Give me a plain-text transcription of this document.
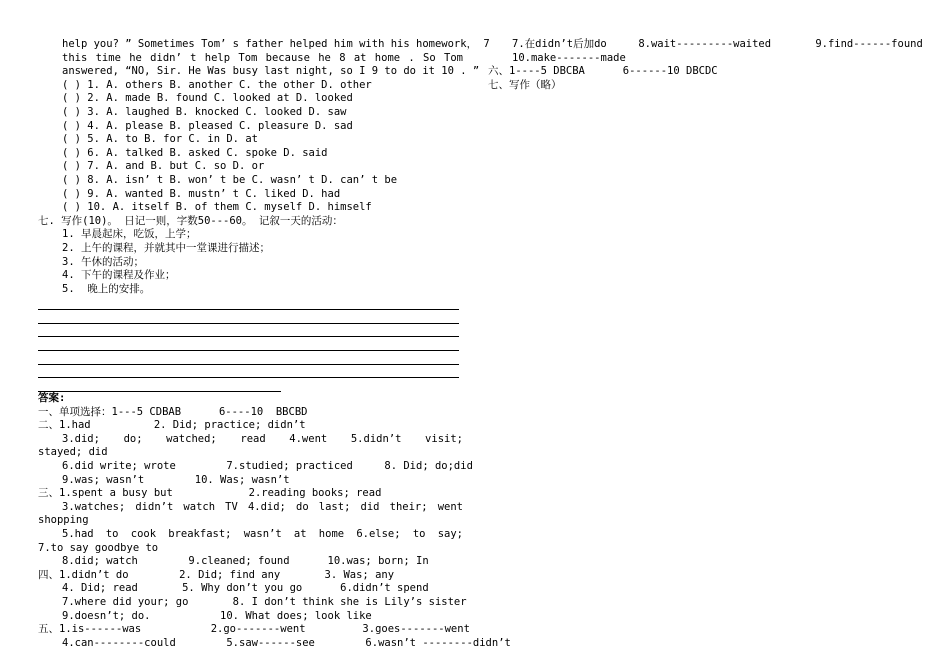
help you? ” Sometimes Tom’ s father helped him with his homework， 7
this time he didn’ t help Tom because he 8 at home . So Tom
answered, “NO, Sir. He Was busy last night, so I 9 to do it 10 . ”
( ) 1. A. others B. another C. the other D. other
( ) 2. A. made B. found C. looked at D. looked
( ) 3. A. laughed B. knocked C. looked D. saw
( ) 4. A. please B. pleased C. pleasure D. sad
( ) 5. A. to B. for C. in D. at
( ) 6. A. talked B. asked C. spoke D. said
( ) 7. A. and B. but C. so D. or
( ) 8. A. isn’ t B. won’ t be C. wasn’ t D. can’ t be
( ) 9. A. wanted B. mustn’ t C. liked D. had
( ) 10. A. itself B. of them C. myself D. himself
七. 写作(10)。 日记一则，字数50---60。 记叙一天的活动：
1. 早晨起床，吃饭，上学；
2. 上午的课程，并就其中一堂课进行描述；
3. 午休的活动；
4. 下午的课程及作业；
5.  晚上的安排。
答案:
一、单项选择：1---5 CDBAB      6----10  BBCBD
二、1.had          2. Did; practice; didn’t
3.did; do; watched; read 4.went 5.didn’t visit;
stayed; did
6.did write; wrote        7.studied; practiced     8. Did; do;did
9.was; wasn’t        10. Was; wasn’t
三、1.spent a busy but            2.reading books; read
3.watches; didn’t watch TV 4.did; do last; did their; went
shopping
5.had to cook breakfast; wasn’t at home 6.else; to say;
7.to say goodbye to
8.did; watch        9.cleaned; found      10.was; born; In
四、1.didn’t do        2. Did; find any       3. Was; any
4. Did; read       5. Why don’t you go      6.didn’t spend
7.where did your; go       8. I don’t think she is Lily’s sister
9.doesn’t; do.           10. What does; look like
五、1.is------was           2.go-------went         3.goes-------went
4.can--------could        5.saw------see        6.wasn’t --------didn’t
7.在didn’t后加do     8.wait---------waited       9.find------found
10.make-------made
六、1----5 DBCBA      6------10 DBCDC
七、写作（略）
